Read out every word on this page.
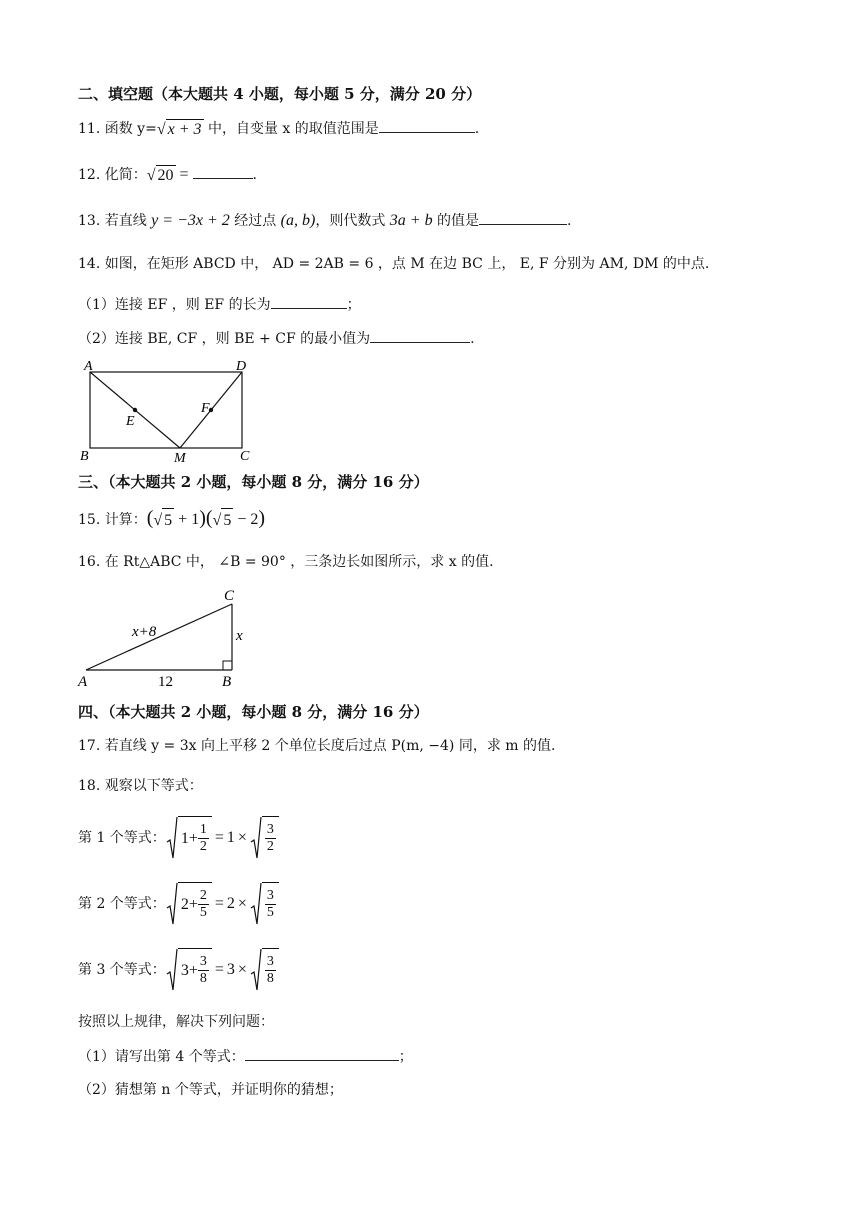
二、填空题（本大题共 4 小题，每小题 5 分，满分 20 分）
11. 函数 y=√ x + 3 中，自变量 x 的取值范围是	.
12. 化简：√ 20 =	.
13. 若直线 y = −3x + 2 经过点 (a, b)，则代数式 3a + b 的值是	.
14. 如图，在矩形 ABCD 中， AD = 2AB = 6 ，点 M 在边 BC 上， E, F 分别为 AM, DM 的中点.
（1）连接 EF ，则 EF 的长为	；
（2）连接 BE, CF ，则 BE + CF 的最小值为	.
A	D
B	C
E
F
M
三、（本大题共 2 小题，每小题 8 分，满分 16 分）
15. 计算：(√ 5 + 1)(√ 5 − 2)
16. 在 Rt△ABC 中， ∠B = 90° ，三条边长如图所示，求 x 的值.
C
A	B
x+8	x
12
四、（本大题共 2 小题，每小题 8 分，满分 16 分）
17. 若直线 y = 3x 向上平移 2 个单位长度后过点 P(m, −4) 同，求 m 的值.
18. 观察以下等式：
第 1 个等式： $1 + \frac{1}{2} = 1 \times \frac{3}{2}$
第 2 个等式： $2 + \frac{2}{5} = 2 \times \frac{3}{5}$
第 3 个等式： $3 + \frac{3}{8} = 3 \times \frac{3}{8}$
按照以上规律，解决下列问题：
（1）请写出第 4 个等式：	；
（2）猜想第 n 个等式，并证明你的猜想；
